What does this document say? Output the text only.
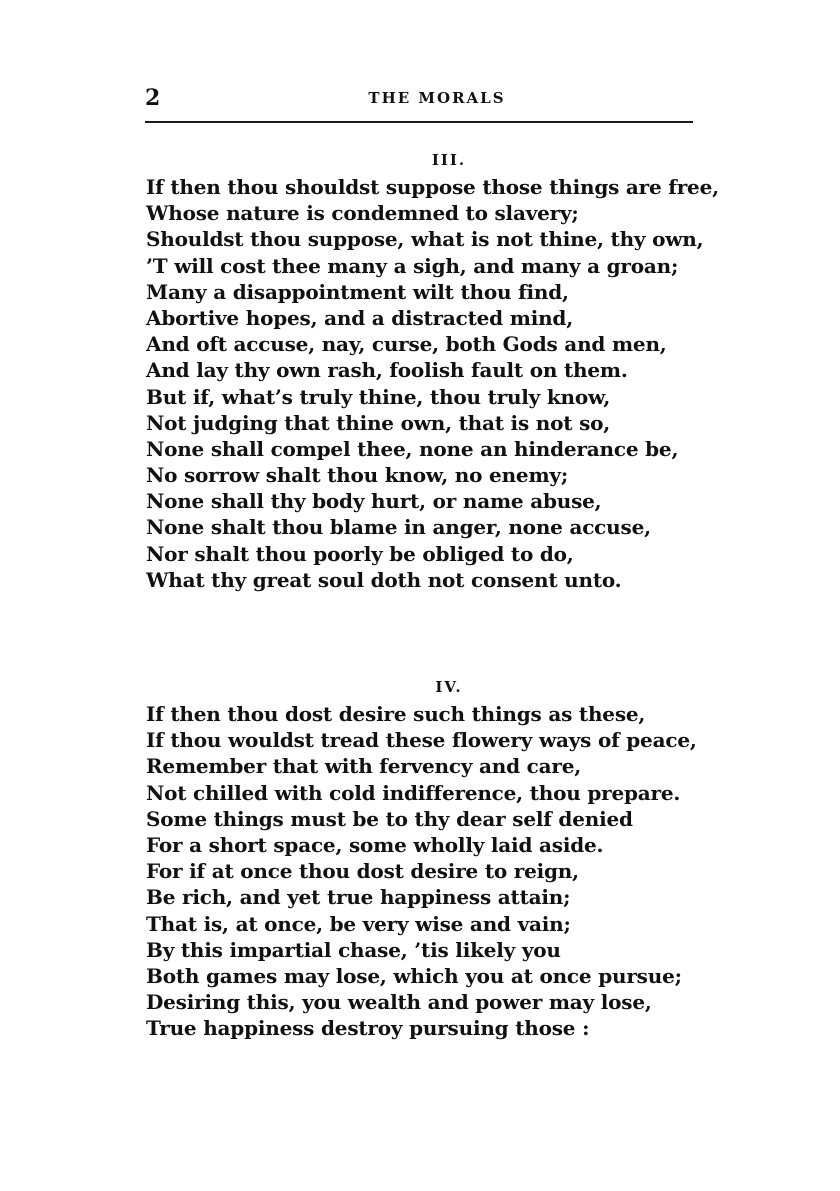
2	THE MORALS
III.
If then thou shouldst suppose those things are free,
Whose nature is condemned to slavery;
Shouldst thou suppose, what is not thine, thy own,
’T will cost thee many a sigh, and many a groan;
Many a disappointment wilt thou find,
Abortive hopes, and a distracted mind,
And oft accuse, nay, curse, both Gods and men,
And lay thy own rash, foolish fault on them.
But if, what’s truly thine, thou truly know,
Not judging that thine own, that is not so,
None shall compel thee, none an hinderance be,
No sorrow shalt thou know, no enemy;
None shall thy body hurt, or name abuse,
None shalt thou blame in anger, none accuse,
Nor shalt thou poorly be obliged to do,
What thy great soul doth not consent unto.
IV.
If then thou dost desire such things as these,
If thou wouldst tread these flowery ways of peace,
Remember that with fervency and care,
Not chilled with cold indifference, thou prepare.
Some things must be to thy dear self denied
For a short space, some wholly laid aside.
For if at once thou dost desire to reign,
Be rich, and yet true happiness attain;
That is, at once, be very wise and vain;
By this impartial chase, ’tis likely you
Both games may lose, which you at once pursue;
Desiring this, you wealth and power may lose,
True happiness destroy pursuing those :
